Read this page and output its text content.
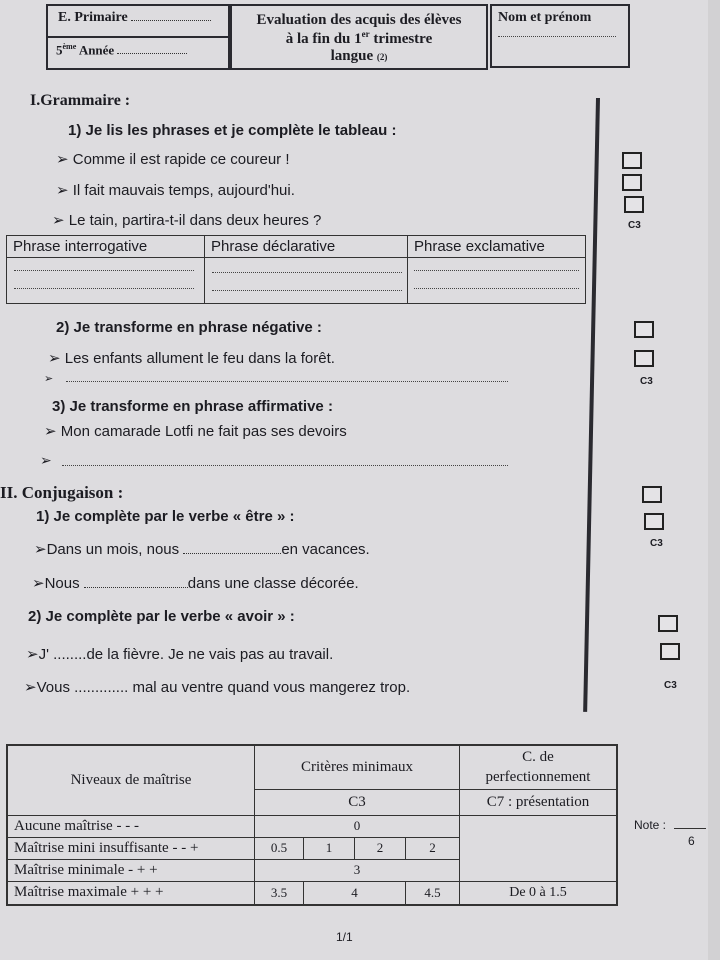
E. Primaire
5ème Année
Evaluation des acquis des élèves
à la fin du 1er trimestre
langue (2)
Nom et prénom
I.Grammaire :
1) Je lis les phrases et je complète le tableau :
➢ Comme il est rapide ce coureur !
➢ Il fait mauvais temps, aujourd'hui.
➢ Le tain, partira-t-il dans deux heures ?
Phrase interrogative	Phrase déclarative	Phrase exclamative

C3
2) Je transforme en phrase négative :
➢ Les enfants allument le feu dans la forêt.
➢	C3
3) Je transforme en phrase affirmative :
➢ Mon camarade Lotfi ne fait pas ses devoirs
➢
II. Conjugaison :
1) Je complète par le verbe « être » :
➢Dans un mois, nous	en vacances.
➢Nous	dans une classe décorée.
C3
2) Je complète par le verbe « avoir » :
➢J' ........de la fièvre. Je ne vais pas au travail.
➢Vous ............. mal au ventre quand vous mangerez trop.	C3
Niveaux de maîtrise	Critères minimaux				C. de
perfectionnement

	C3				C7 : présentation
Aucune maîtrise - - -	0				
Maîtrise mini insuffisante - - +	0.5	1	2	2	
Maîtrise minimale - + +	3				
Maîtrise maximale + + +	3.5	4		4.5	De 0 à 1.5
Note :
6
1/1
